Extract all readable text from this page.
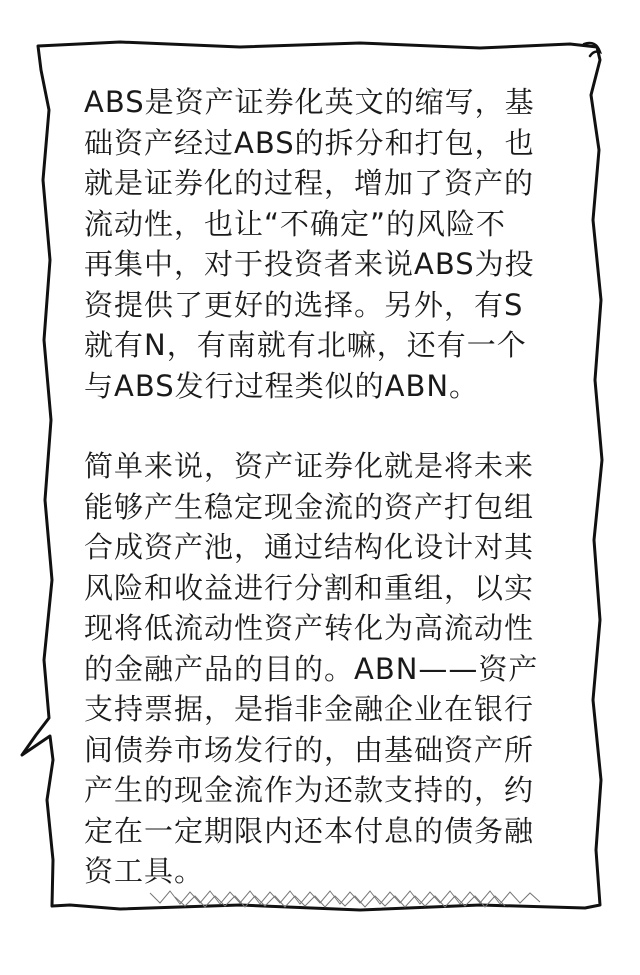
ABS是资产证券化英文的缩写，基
础资产经过ABS的拆分和打包，也
就是证券化的过程，增加了资产的
流动性，也让“不确定”的风险不
再集中，对于投资者来说ABS为投
资提供了更好的选择。另外，有S
就有N，有南就有北嘛，还有一个
与ABS发行过程类似的ABN。
简单来说，资产证券化就是将未来
能够产生稳定现金流的资产打包组
合成资产池，通过结构化设计对其
风险和收益进行分割和重组，以实
现将低流动性资产转化为高流动性
的金融产品的目的。ABN——资产
支持票据，是指非金融企业在银行
间债券市场发行的，由基础资产所
产生的现金流作为还款支持的，约
定在一定期限内还本付息的债务融
资工具。
